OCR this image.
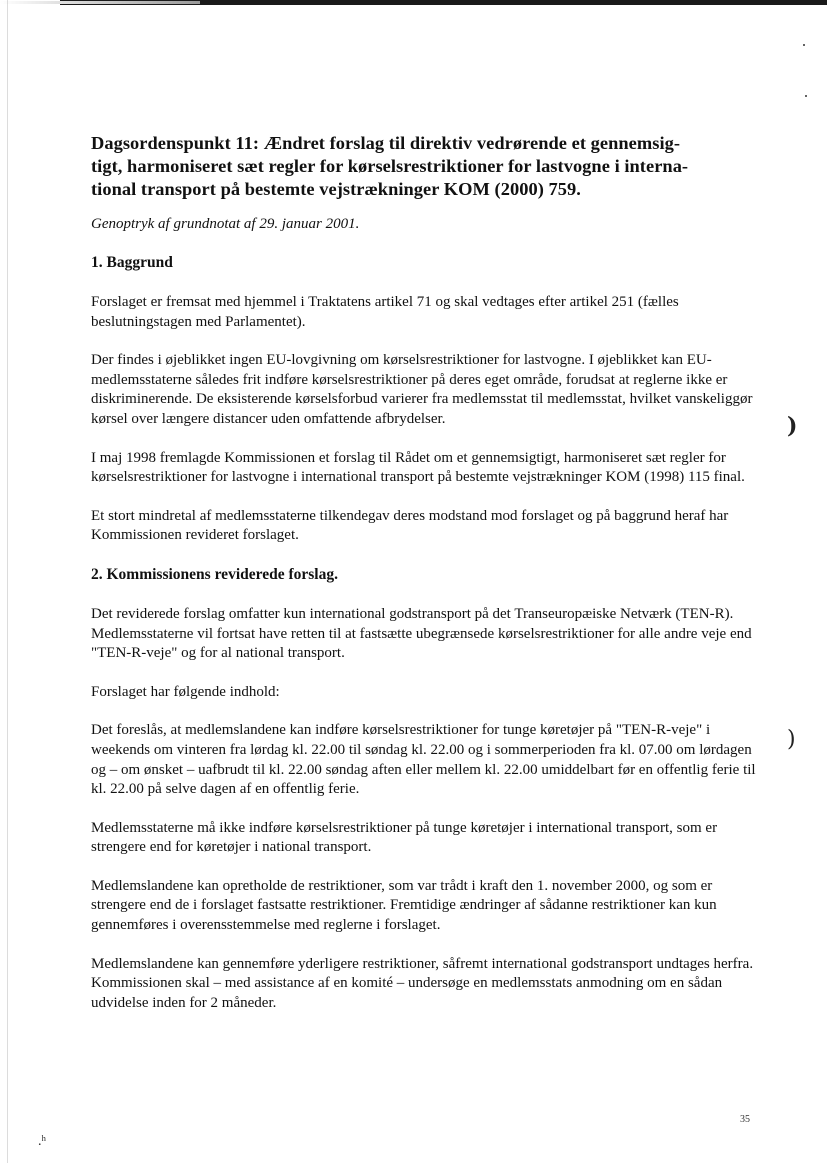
)
)
Dagsordenspunkt 11: Ændret forslag til direktiv vedrørende et gennemsig-
tigt, harmoniseret sæt regler for kørselsrestriktioner for lastvogne i interna-
tional transport på bestemte vejstrækninger KOM (2000) 759.
Genoptryk af grundnotat af 29. januar 2001.
1. Baggrund

Forslaget er fremsat med hjemmel i Traktatens artikel 71 og skal vedtages efter artikel 251 (fælles beslutningstagen med Parlamentet).

Der findes i øjeblikket ingen EU-lovgivning om kørselsrestriktioner for lastvogne. I øjeblikket kan EU-medlemsstaterne således frit indføre kørselsrestriktioner på deres eget område, forudsat at reglerne ikke er diskriminerende. De eksisterende kørselsforbud varierer fra medlemsstat til medlemsstat, hvilket vanskeliggør kørsel over længere distancer uden omfattende afbrydelser.

I maj 1998 fremlagde Kommissionen et forslag til Rådet om et gennemsigtigt, harmoniseret sæt regler for kørselsrestriktioner for lastvogne i international transport på bestemte vejstrækninger KOM (1998) 115 final.

Et stort mindretal af medlemsstaterne tilkendegav deres modstand mod forslaget og på baggrund heraf har Kommissionen revideret forslaget.

2. Kommissionens reviderede forslag.

Det reviderede forslag omfatter kun international godstransport på det Transeuropæiske Netværk (TEN-R). Medlemsstaterne vil fortsat have retten til at fastsætte ubegrænsede kørselsrestriktioner for alle andre veje end "TEN-R-veje" og for al national transport.

Forslaget har følgende indhold:

Det foreslås, at medlemslandene kan indføre kørselsrestriktioner for tunge køretøjer på "TEN-R-veje" i weekends om vinteren fra lørdag kl. 22.00 til søndag kl. 22.00 og i sommerperioden fra kl. 07.00 om lørdagen og – om ønsket – uafbrudt til kl. 22.00 søndag aften eller mellem kl. 22.00 umiddelbart før en offentlig ferie til kl. 22.00 på selve dagen af en offentlig ferie.

Medlemsstaterne må ikke indføre kørselsrestriktioner på tunge køretøjer i international transport, som er strengere end for køretøjer i national transport.

Medlemslandene kan opretholde de restriktioner, som var trådt i kraft den 1. november 2000, og som er strengere end de i forslaget fastsatte restriktioner. Fremtidige ændringer af sådanne restriktioner kan kun gennemføres i overensstemmelse med reglerne i forslaget.

Medlemslandene kan gennemføre yderligere restriktioner, såfremt international godstransport undtages herfra. Kommissionen skal – med assistance af en komité – undersøge en medlemsstats anmodning om en sådan udvidelse inden for 2 måneder.

35
.ʰ
